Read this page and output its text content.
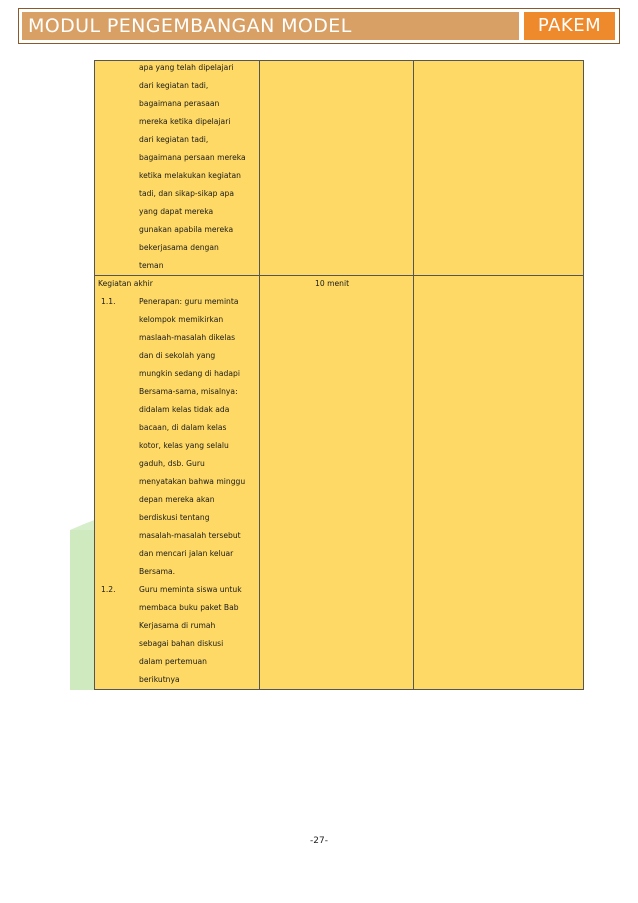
MODUL PENGEMBANGAN MODEL	PAKEM
apa yang telah dipelajari
dari kegiatan tadi,
bagaimana perasaan
mereka ketika dipelajari
dari kegiatan tadi,
bagaimana persaan mereka
ketika melakukan kegiatan
tadi, dan sikap-sikap apa
yang dapat mereka
gunakan apabila mereka
bekerjasama dengan
teman
Kegiatan akhir	10 menit
1.1.	Penerapan: guru meminta
kelompok memikirkan
maslaah-masalah dikelas
dan di sekolah yang
mungkin sedang di hadapi
Bersama-sama, misalnya:
didalam kelas tidak ada
bacaan, di dalam kelas
kotor, kelas yang selalu
gaduh, dsb. Guru
menyatakan bahwa minggu
depan mereka akan
berdiskusi tentang
masalah-masalah tersebut
dan mencari jalan keluar
Bersama.
1.2.	Guru meminta siswa untuk
membaca buku paket Bab
Kerjasama di rumah
sebagai bahan diskusi
dalam pertemuan
berikutnya
-27-
